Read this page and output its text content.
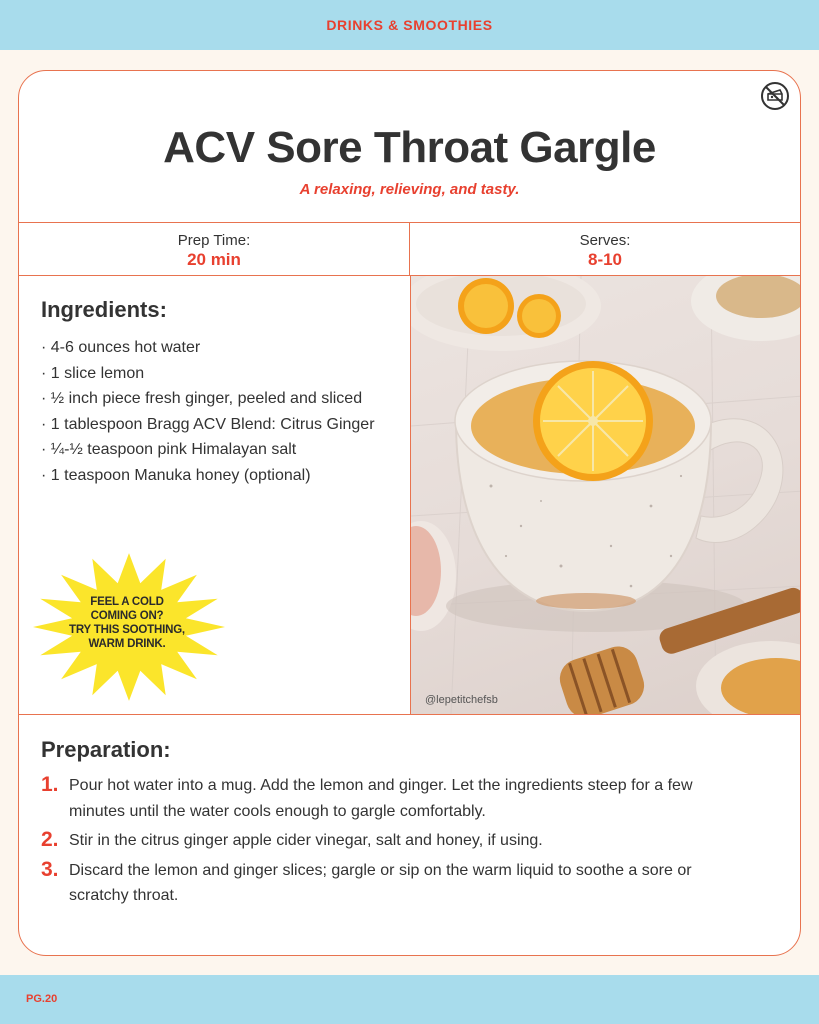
DRINKS & SMOOTHIES
ACV Sore Throat Gargle
A relaxing, relieving, and tasty.
Prep Time:
20 min
Serves:
8-10
Ingredients:
· 4-6 ounces hot water
· 1 slice lemon
· ½ inch piece fresh ginger, peeled and sliced
· 1 tablespoon Bragg ACV Blend: Citrus Ginger
· ¼-½ teaspoon pink Himalayan salt
· 1 teaspoon Manuka honey (optional)
FEEL A COLD
COMING ON?
TRY THIS SOOTHING,
WARM DRINK.
@lepetitchefsb
Preparation:
1. Pour hot water into a mug. Add the lemon and ginger. Let the ingredients steep for a few minutes until the water cools enough to gargle comfortably.
2. Stir in the citrus ginger apple cider vinegar, salt and honey, if using.
3. Discard the lemon and ginger slices; gargle or sip on the warm liquid to soothe a sore or scratchy throat.
PG.20
